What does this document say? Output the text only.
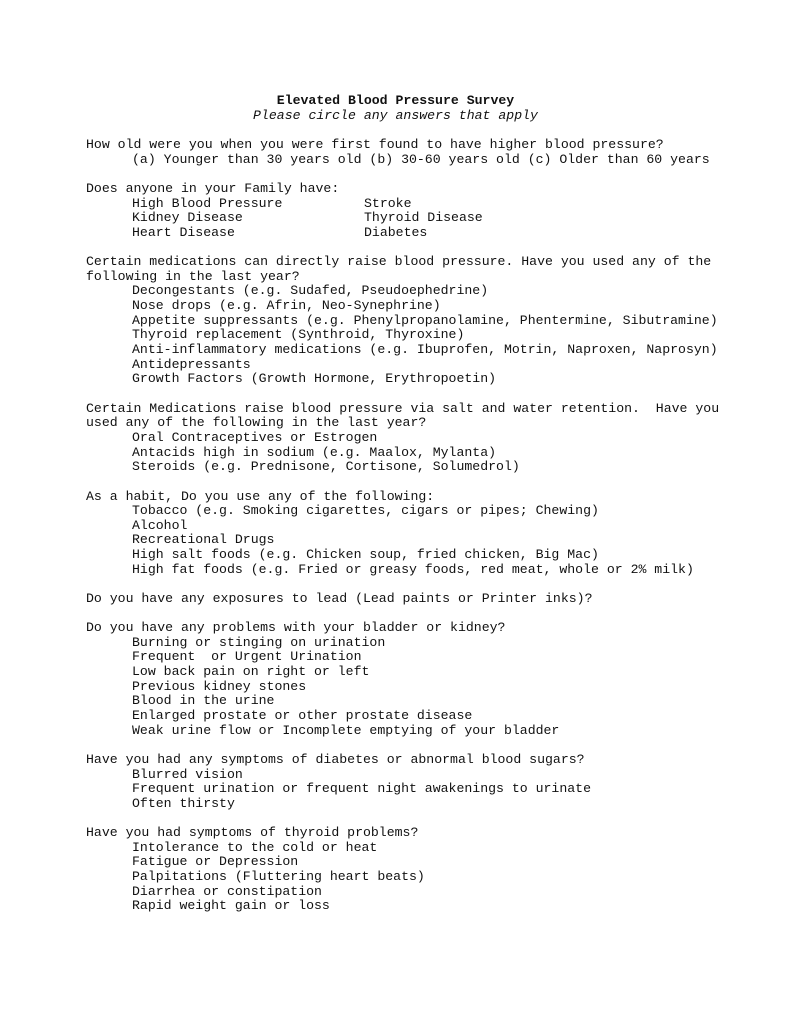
Elevated Blood Pressure Survey
Please circle any answers that apply
How old were you when you were first found to have higher blood pressure?
(a) Younger than 30 years old (b) 30-60 years old (c) Older than 60 years
Does anyone in your Family have:
High Blood Pressure	Stroke
Kidney Disease	Thyroid Disease
Heart Disease	Diabetes
Certain medications can directly raise blood pressure. Have you used any of the
following in the last year?
Decongestants (e.g. Sudafed, Pseudoephedrine)
Nose drops (e.g. Afrin, Neo-Synephrine)
Appetite suppressants (e.g. Phenylpropanolamine, Phentermine, Sibutramine)
Thyroid replacement (Synthroid, Thyroxine)
Anti-inflammatory medications (e.g. Ibuprofen, Motrin, Naproxen, Naprosyn)
Antidepressants
Growth Factors (Growth Hormone, Erythropoetin)
Certain Medications raise blood pressure via salt and water retention.  Have you
used any of the following in the last year?
Oral Contraceptives or Estrogen
Antacids high in sodium (e.g. Maalox, Mylanta)
Steroids (e.g. Prednisone, Cortisone, Solumedrol)
As a habit, Do you use any of the following:
Tobacco (e.g. Smoking cigarettes, cigars or pipes; Chewing)
Alcohol
Recreational Drugs
High salt foods (e.g. Chicken soup, fried chicken, Big Mac)
High fat foods (e.g. Fried or greasy foods, red meat, whole or 2% milk)
Do you have any exposures to lead (Lead paints or Printer inks)?
Do you have any problems with your bladder or kidney?
Burning or stinging on urination
Frequent  or Urgent Urination
Low back pain on right or left
Previous kidney stones
Blood in the urine
Enlarged prostate or other prostate disease
Weak urine flow or Incomplete emptying of your bladder
Have you had any symptoms of diabetes or abnormal blood sugars?
Blurred vision
Frequent urination or frequent night awakenings to urinate
Often thirsty
Have you had symptoms of thyroid problems?
Intolerance to the cold or heat
Fatigue or Depression
Palpitations (Fluttering heart beats)
Diarrhea or constipation
Rapid weight gain or loss
